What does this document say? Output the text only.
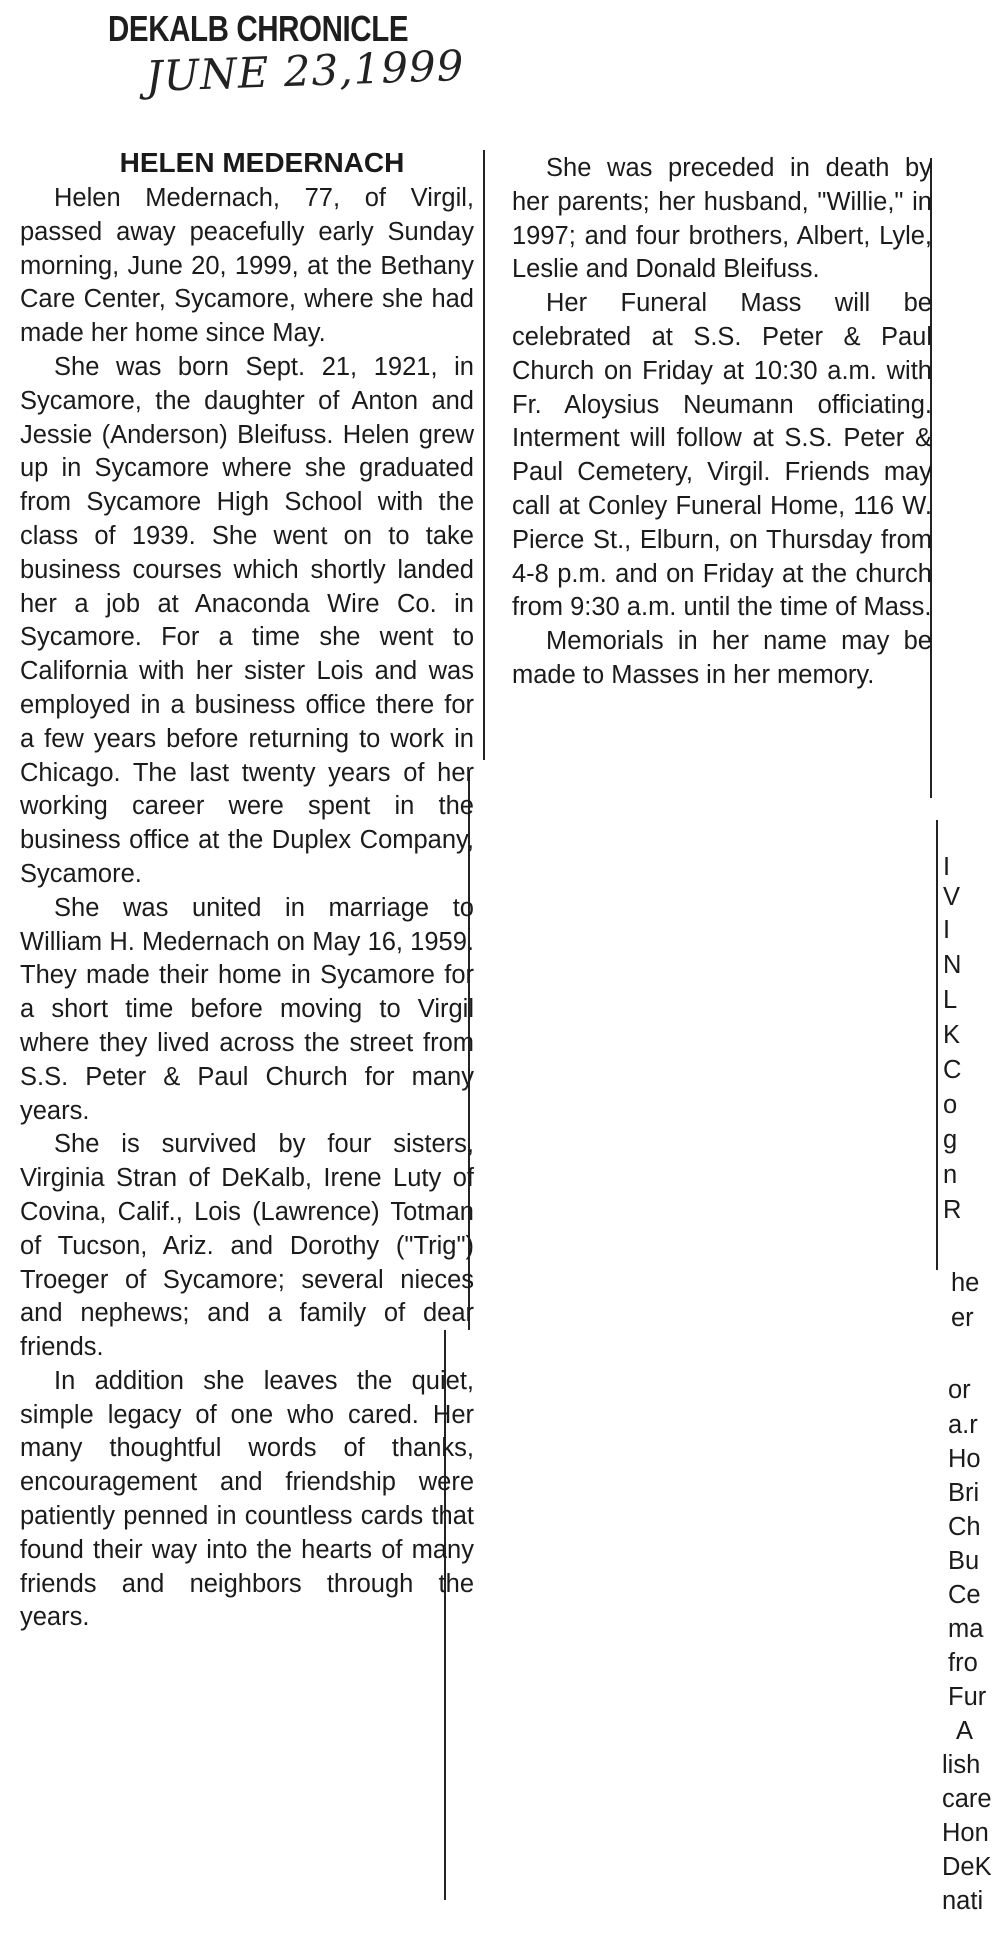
DEKALB CHRONICLE
JUNE 23,1999
HELEN MEDERNACH

Helen Medernach, 77, of Virgil, passed away peacefully early Sunday morning, June 20, 1999, at the Bethany Care Center, Sycamore, where she had made her home since May.

She was born Sept. 21, 1921, in Sycamore, the daughter of Anton and Jessie (Anderson) Bleifuss. Helen grew up in Sycamore where she graduated from Sycamore High School with the class of 1939. She went on to take business courses which shortly landed her a job at Anaconda Wire Co. in Sycamore. For a time she went to California with her sister Lois and was employed in a business office there for a few years before returning to work in Chicago. The last twenty years of her working career were spent in the business office at the Duplex Company, Sycamore.

She was united in marriage to William H. Medernach on May 16, 1959. They made their home in Sycamore for a short time before moving to Virgil where they lived across the street from S.S. Peter & Paul Church for many years.

She is survived by four sisters, Virginia Stran of DeKalb, Irene Luty of Covina, Calif., Lois (Lawrence) Totman of Tucson, Ariz. and Dorothy ("Trig") Troeger of Sycamore; several nieces and nephews; and a family of dear friends.

In addition she leaves the quiet, simple legacy of one who cared. Her many thoughtful words of thanks, encouragement and friendship were patiently penned in countless cards that found their way into the hearts of many friends and neighbors through the years.

She was preceded in death by her parents; her husband, "Willie," in 1997; and four brothers, Albert, Lyle, Leslie and Donald Bleifuss.

Her Funeral Mass will be celebrated at S.S. Peter & Paul Church on Friday at 10:30 a.m. with Fr. Aloysius Neumann officiating. Interment will follow at S.S. Peter & Paul Cemetery, Virgil. Friends may call at Conley Funeral Home, 116 W. Pierce St., Elburn, on Thursday from 4-8 p.m. and on Friday at the church from 9:30 a.m. until the time of Mass.

Memorials in her name may be made to Masses in her memory.

I
V
I
N
L
K
C
o
g
n
R
he
er
or
a.r
Ho
Bri
Ch
Bu
Ce
ma
fro
Fur
A
lish
care
Hon
DeK
nati
